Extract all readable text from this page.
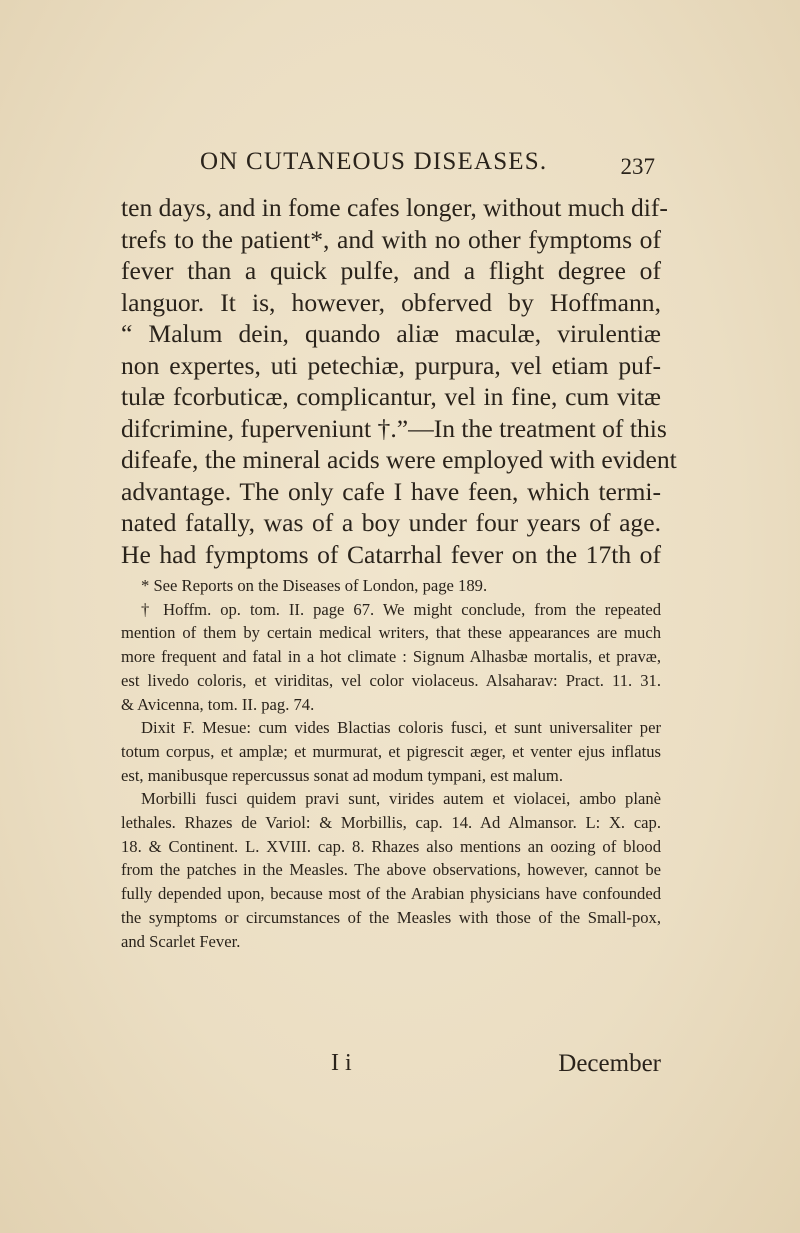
ON CUTANEOUS DISEASES.	237
ten days, and in fome cafes longer, without much dif-
trefs to the patient*, and with no other fymptoms of
fever than a quick pulfe, and a flight degree of
languor. It is, however, obferved by Hoffmann,
“ Malum dein, quando aliæ maculæ, virulentiæ
non expertes, uti petechiæ, purpura, vel etiam puf-
tulæ fcorbuticæ, complicantur, vel in fine, cum vitæ
difcrimine, fuperveniunt †.”—In the treatment of this
difeafe, the mineral acids were employed with evident
advantage. The only cafe I have feen, which termi-
nated fatally, was of a boy under four years of age.
He had fymptoms of Catarrhal fever on the 17th of
* See Reports on the Diseases of London, page 189.
† Hoffm. op. tom. II. page 67. We might conclude, from the repeated
mention of them by certain medical writers, that these appearances are much
more frequent and fatal in a hot climate : Signum Alhasbæ mortalis, et pravæ,
est livedo coloris, et viriditas, vel color violaceus. Alsaharav: Pract. 11. 31.
& Avicenna, tom. II. pag. 74.
Dixit F. Mesue: cum vides Blactias coloris fusci, et sunt universaliter per
totum corpus, et amplæ; et murmurat, et pigrescit æger, et venter ejus inflatus
est, manibusque repercussus sonat ad modum tympani, est malum.
Morbilli fusci quidem pravi sunt, virides autem et violacei, ambo planè
lethales. Rhazes de Variol: & Morbillis, cap. 14. Ad Almansor. L: X. cap.
18. & Continent. L. XVIII. cap. 8. Rhazes also mentions an oozing of blood
from the patches in the Measles. The above observations, however, cannot be
fully depended upon, because most of the Arabian physicians have confounded
the symptoms or circumstances of the Measles with those of the Small-pox,
and Scarlet Fever.
I i	December
